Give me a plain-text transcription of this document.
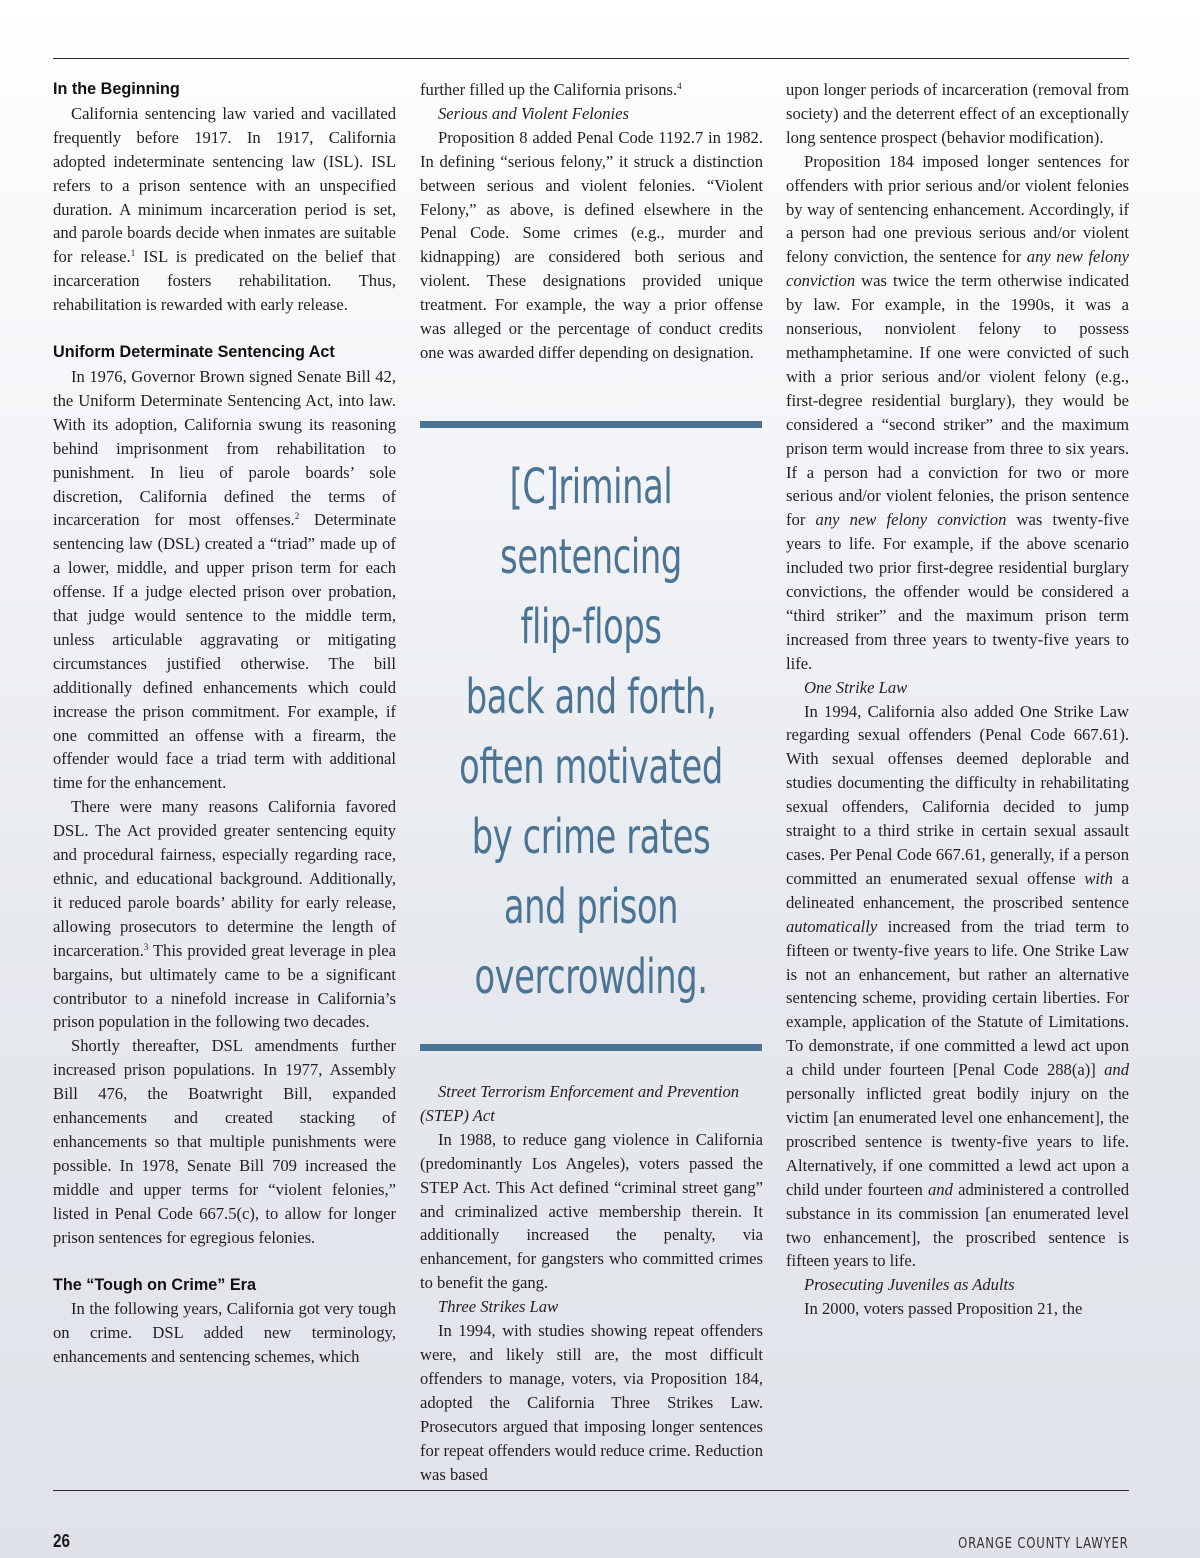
In the Beginning

California sentencing law varied and vacillated frequently before 1917. In 1917, California adopted indeterminate sentencing law (ISL). ISL refers to a prison sentence with an unspecified duration. A minimum incarceration period is set, and parole boards decide when inmates are suitable for release.$^1$ ISL is predicated on the belief that incarceration fosters rehabilitation. Thus, rehabilitation is rewarded with early release.

Uniform Determinate Sentencing Act

In 1976, Governor Brown signed Senate Bill 42, the Uniform Determinate Sentencing Act, into law. With its adoption, California swung its reasoning behind imprisonment from rehabilitation to punishment. In lieu of parole boards’ sole discretion, California defined the terms of incarceration for most offenses.$^2$ Determinate sentencing law (DSL) created a “triad” made up of a lower, middle, and upper prison term for each offense. If a judge elected prison over probation, that judge would sentence to the middle term, unless articulable aggravating or mitigating circumstances justified otherwise. The bill additionally defined enhancements which could increase the prison commitment. For example, if one committed an offense with a firearm, the offender would face a triad term with additional time for the enhancement.

There were many reasons California favored DSL. The Act provided greater sentencing equity and procedural fairness, especially regarding race, ethnic, and educational background. Additionally, it reduced parole boards’ ability for early release, allowing prosecutors to determine the length of incarceration.$^3$ This provided great leverage in plea bargains, but ultimately came to be a significant contributor to a ninefold increase in California’s prison population in the following two decades.

Shortly thereafter, DSL amendments further increased prison populations. In 1977, Assembly Bill 476, the Boatwright Bill, expanded enhancements and created stacking of enhancements so that multiple punishments were possible. In 1978, Senate Bill 709 increased the middle and upper terms for “violent felonies,” listed in Penal Code 667.5(c), to allow for longer prison sentences for egregious felonies.

The “Tough on Crime” Era

In the following years, California got very tough on crime. DSL added new terminology, enhancements and sentencing schemes, which

further filled up the California prisons.$^4$

Serious and Violent Felonies

Proposition 8 added Penal Code 1192.7 in 1982. In defining “serious felony,” it struck a distinction between serious and violent felonies. “Violent Felony,” as above, is defined elsewhere in the Penal Code. Some crimes (e.g., murder and kidnapping) are considered both serious and violent. These designations provided unique treatment. For example, the way a prior offense was alleged or the percentage of conduct credits one was awarded differ depending on designation.

[C]riminal
sentencing
flip-flops
back and forth,
often motivated
by crime rates
and prison
overcrowding.

Street Terrorism Enforcement and Prevention (STEP) Act

In 1988, to reduce gang violence in California (predominantly Los Angeles), voters passed the STEP Act. This Act defined “criminal street gang” and criminalized active membership therein. It additionally increased the penalty, via enhancement, for gangsters who committed crimes to benefit the gang.

Three Strikes Law

In 1994, with studies showing repeat offenders were, and likely still are, the most difficult offenders to manage, voters, via Proposition 184, adopted the California Three Strikes Law. Prosecutors argued that imposing longer sentences for repeat offenders would reduce crime. Reduction was based

upon longer periods of incarceration (removal from society) and the deterrent effect of an exceptionally long sentence prospect (behavior modification).

Proposition 184 imposed longer sentences for offenders with prior serious and/or violent felonies by way of sentencing enhancement. Accordingly, if a person had one previous serious and/or violent felony conviction, the sentence for any new felony conviction was twice the term otherwise indicated by law. For example, in the 1990s, it was a nonserious, nonviolent felony to possess methamphetamine. If one were convicted of such with a prior serious and/or violent felony (e.g., first-degree residential burglary), they would be considered a “second striker” and the maximum prison term would increase from three to six years. If a person had a conviction for two or more serious and/or violent felonies, the prison sentence for any new felony conviction was twenty-five years to life. For example, if the above scenario included two prior first-degree residential burglary convictions, the offender would be considered a “third striker” and the maximum prison term increased from three years to twenty-five years to life.

One Strike Law

In 1994, California also added One Strike Law regarding sexual offenders (Penal Code 667.61). With sexual offenses deemed deplorable and studies documenting the difficulty in rehabilitating sexual offenders, California decided to jump straight to a third strike in certain sexual assault cases. Per Penal Code 667.61, generally, if a person committed an enumerated sexual offense with a delineated enhancement, the proscribed sentence automatically increased from the triad term to fifteen or twenty-five years to life. One Strike Law is not an enhancement, but rather an alternative sentencing scheme, providing certain liberties. For example, application of the Statute of Limitations. To demonstrate, if one committed a lewd act upon a child under fourteen [Penal Code 288(a)] and personally inflicted great bodily injury on the victim [an enumerated level one enhancement], the proscribed sentence is twenty-five years to life. Alternatively, if one committed a lewd act upon a child under fourteen and administered a controlled substance in its commission [an enumerated level two enhancement], the proscribed sentence is fifteen years to life.

Prosecuting Juveniles as Adults

In 2000, voters passed Proposition 21, the

26	ORANGE COUNTY LAWYER
